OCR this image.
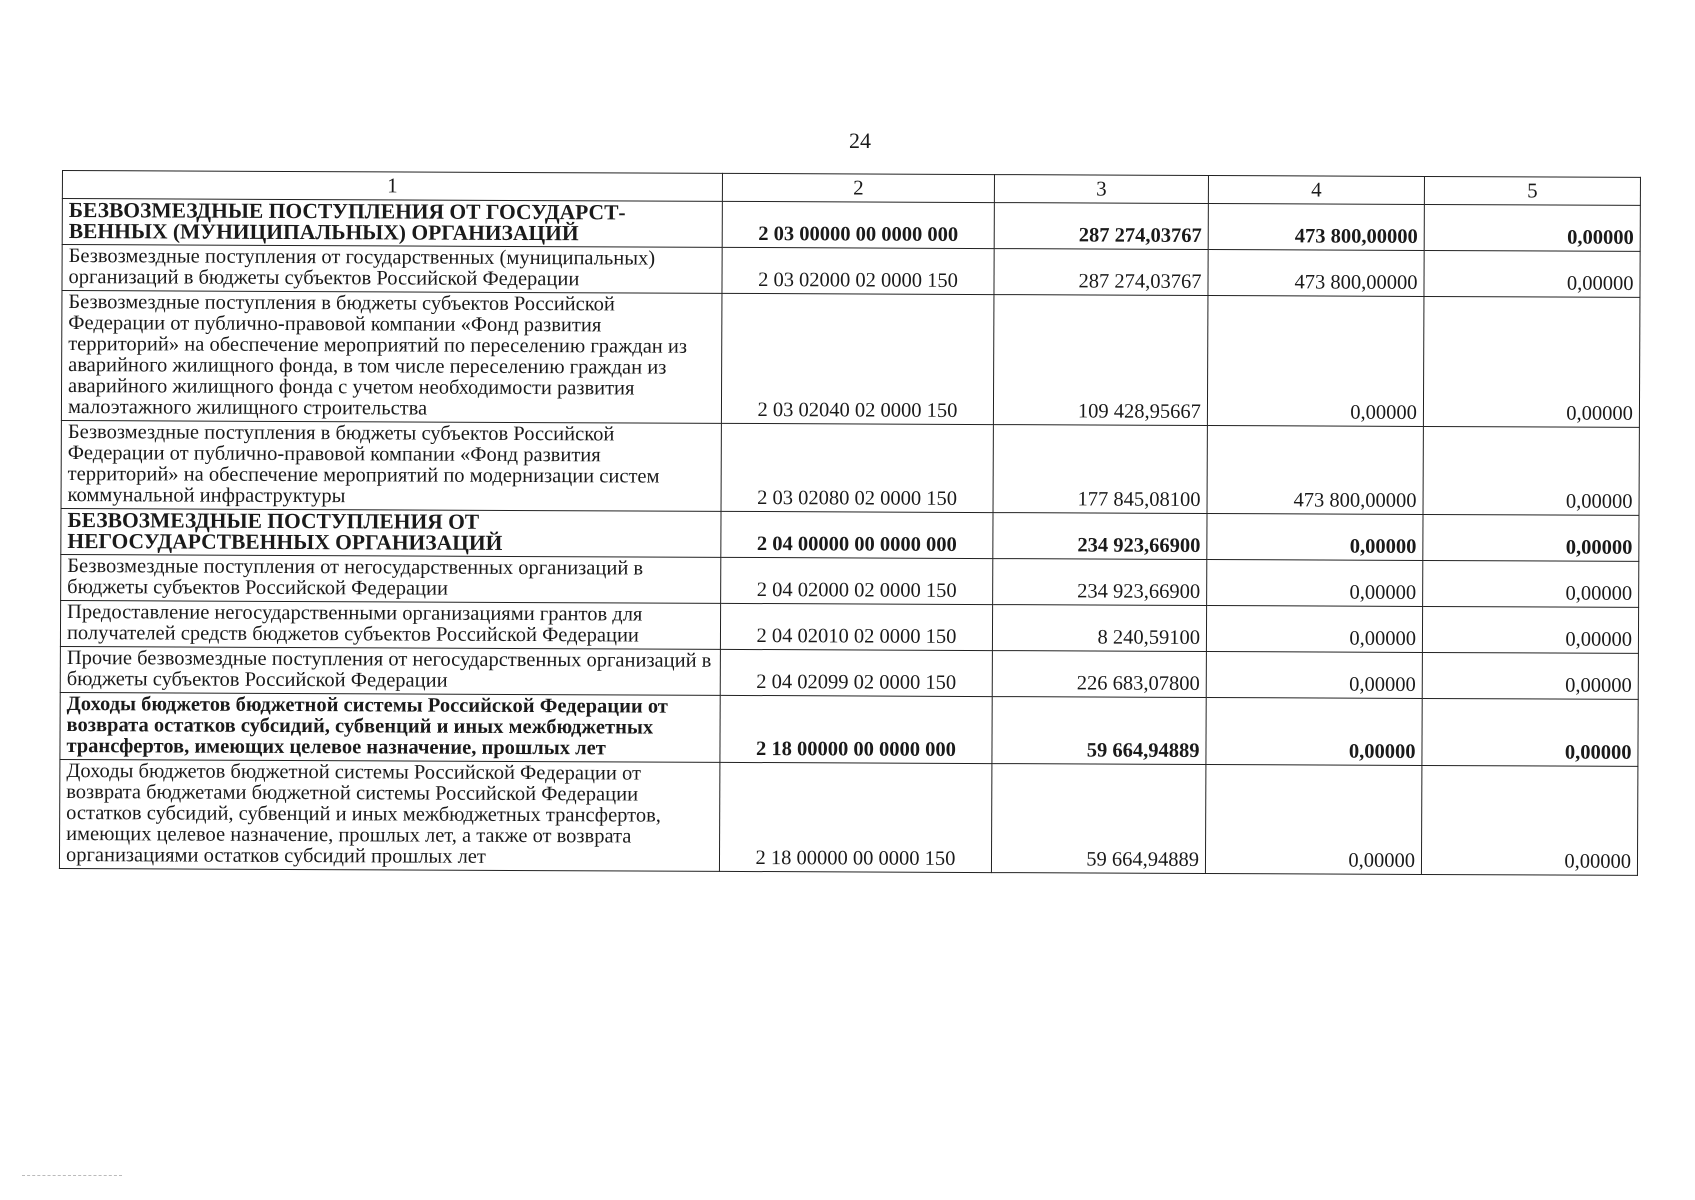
24
1	2	3	4	5
БЕЗВОЗМЕЗДНЫЕ ПОСТУПЛЕНИЯ ОТ ГОСУДАРСТ-ВЕННЫХ (МУНИЦИПАЛЬНЫХ) ОРГАНИЗАЦИЙ	2 03 00000 00 0000 000	287 274,03767	473 800,00000	0,00000
Безвозмездные поступления от государственных (муниципальных) организаций в бюджеты субъектов Российской Федерации	2 03 02000 02 0000 150	287 274,03767	473 800,00000	0,00000
Безвозмездные поступления в бюджеты субъектов Российской Федерации от публично-правовой компании «Фонд развития территорий» на обеспечение мероприятий по переселению граждан из аварийного жилищного фонда, в том числе переселению граждан из аварийного жилищного фонда с учетом необходимости развития малоэтажного жилищного строительства	2 03 02040 02 0000 150	109 428,95667	0,00000	0,00000
Безвозмездные поступления в бюджеты субъектов Российской Федерации от публично-правовой компании «Фонд развития территорий» на обеспечение мероприятий по модернизации систем коммунальной инфраструктуры	2 03 02080 02 0000 150	177 845,08100	473 800,00000	0,00000
БЕЗВОЗМЕЗДНЫЕ ПОСТУПЛЕНИЯ ОТ НЕГОСУДАРСТВЕННЫХ ОРГАНИЗАЦИЙ	2 04 00000 00 0000 000	234 923,66900	0,00000	0,00000
Безвозмездные поступления от негосударственных организаций в бюджеты субъектов Российской Федерации	2 04 02000 02 0000 150	234 923,66900	0,00000	0,00000
Предоставление негосударственными организациями грантов для получателей средств бюджетов субъектов Российской Федерации	2 04 02010 02 0000 150	8 240,59100	0,00000	0,00000
Прочие безвозмездные поступления от негосударственных организаций в бюджеты субъектов Российской Федерации	2 04 02099 02 0000 150	226 683,07800	0,00000	0,00000
Доходы бюджетов бюджетной системы Российской Федерации от возврата остатков субсидий, субвенций и иных межбюджетных трансфертов, имеющих целевое назначение, прошлых лет	2 18 00000 00 0000 000	59 664,94889	0,00000	0,00000
Доходы бюджетов бюджетной системы Российской Федерации от возврата бюджетами бюджетной системы Российской Федерации остатков субсидий, субвенций и иных межбюджетных трансфертов, имеющих целевое назначение, прошлых лет, а также от возврата организациями остатков субсидий прошлых лет	2 18 00000 00 0000 150	59 664,94889	0,00000	0,00000
